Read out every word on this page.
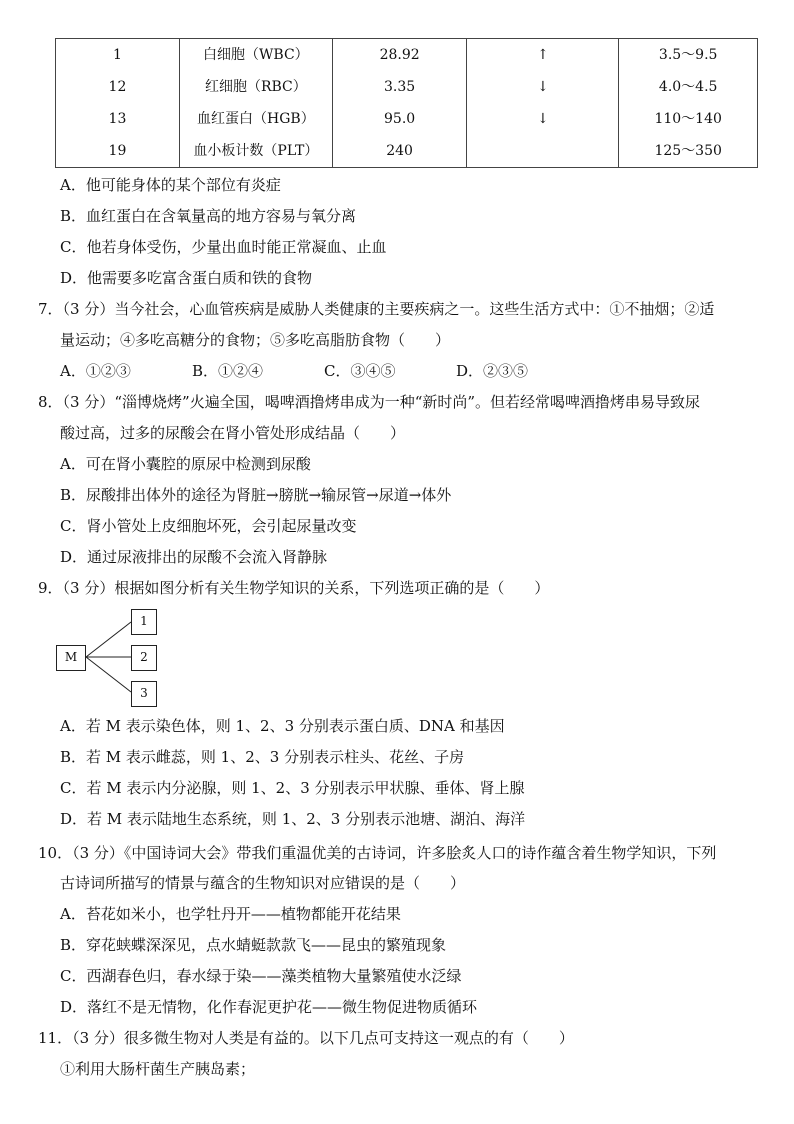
1	白细胞（WBC）	28.92	↑	3.5～9.5
12	红细胞（RBC）	3.35	↓	4.0～4.5
13	血红蛋白（HGB）	95.0	↓	110～140
19	血小板计数（PLT）	240		125～350
A．他可能身体的某个部位有炎症
B．血红蛋白在含氧量高的地方容易与氧分离
C．他若身体受伤，少量出血时能正常凝血、止血
D．他需要多吃富含蛋白质和铁的食物
7．（3 分）当今社会，心血管疾病是威胁人类健康的主要疾病之一。这些生活方式中：①不抽烟；②适
量运动；④多吃高糖分的食物；⑤多吃高脂肪食物（　　）
A．①②③	B．①②④	C．③④⑤	D．②③⑤
8．（3 分）“淄博烧烤”火遍全国，喝啤酒撸烤串成为一种“新时尚”。但若经常喝啤酒撸烤串易导致尿
酸过高，过多的尿酸会在肾小管处形成结晶（　　）
A．可在肾小囊腔的原尿中检测到尿酸
B．尿酸排出体外的途径为肾脏→膀胱→输尿管→尿道→体外
C．肾小管处上皮细胞坏死，会引起尿量改变
D．通过尿液排出的尿酸不会流入肾静脉
9．（3 分）根据如图分析有关生物学知识的关系，下列选项正确的是（　　）
M
1
2
3
A．若 M 表示染色体，则 1、2、3 分别表示蛋白质、DNA 和基因
B．若 M 表示雌蕊，则 1、2、3 分别表示柱头、花丝、子房
C．若 M 表示内分泌腺，则 1、2、3 分别表示甲状腺、垂体、肾上腺
D．若 M 表示陆地生态系统，则 1、2、3 分别表示池塘、湖泊、海洋
10．（3 分）《中国诗词大会》带我们重温优美的古诗词，许多脍炙人口的诗作蕴含着生物学知识，下列
古诗词所描写的情景与蕴含的生物知识对应错误的是（　　）
A．苔花如米小，也学牡丹开——植物都能开花结果
B．穿花蛱蝶深深见，点水蜻蜓款款飞——昆虫的繁殖现象
C．西湖春色归，春水绿于染——藻类植物大量繁殖使水泛绿
D．落红不是无情物，化作春泥更护花——微生物促进物质循环
11．（3 分）很多微生物对人类是有益的。以下几点可支持这一观点的有（　　）
①利用大肠杆菌生产胰岛素；
